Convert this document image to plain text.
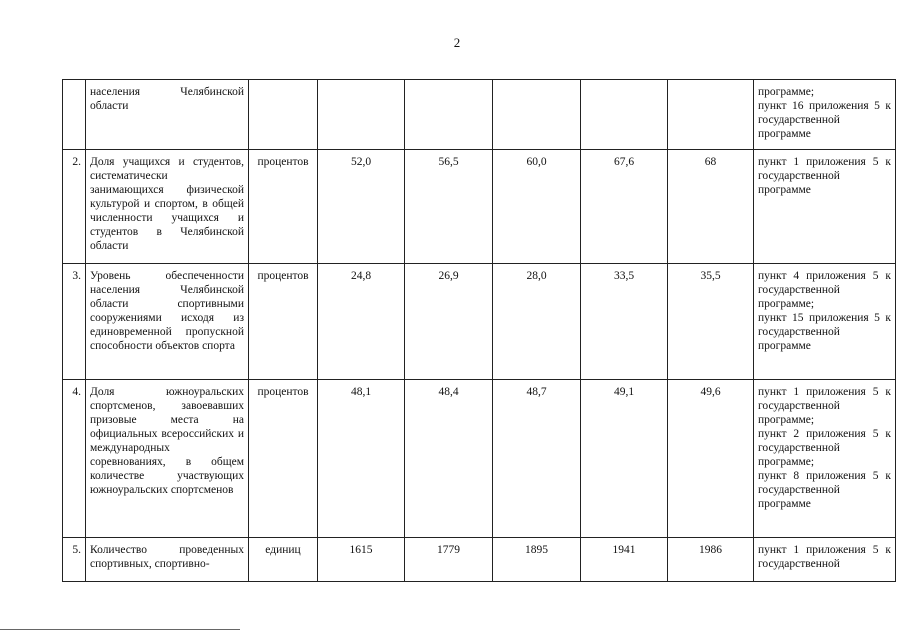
2
	населения Челябинской области							программе;
пункт 16 приложения 5 к государственной программе
2.	Доля учащихся и студентов, систематически занимающихся физической культурой и спортом, в общей численности учащихся и студентов в Челябинской области	процентов	52,0	56,5	60,0	67,6	68	пункт 1 приложения 5 к государственной программе
3.	Уровень обеспеченности населения Челябинской области спортивными сооружениями исходя из единовременной пропускной способности объектов спорта	процентов	24,8	26,9	28,0	33,5	35,5	пункт 4 приложения 5 к государственной программе;
пункт 15 приложения 5 к государственной программе
4.	Доля южноуральских спортсменов, завоевавших призовые места на официальных всероссийских и международных соревнованиях, в общем количестве участвующих южноуральских спортсменов	процентов	48,1	48,4	48,7	49,1	49,6	пункт 1 приложения 5 к государственной программе;
пункт 2 приложения 5 к государственной программе;
пункт 8 приложения 5 к государственной программе
5.	Количество проведенных спортивных, спортивно-	единиц	1615	1779	1895	1941	1986	пункт 1 приложения 5 к государственной
